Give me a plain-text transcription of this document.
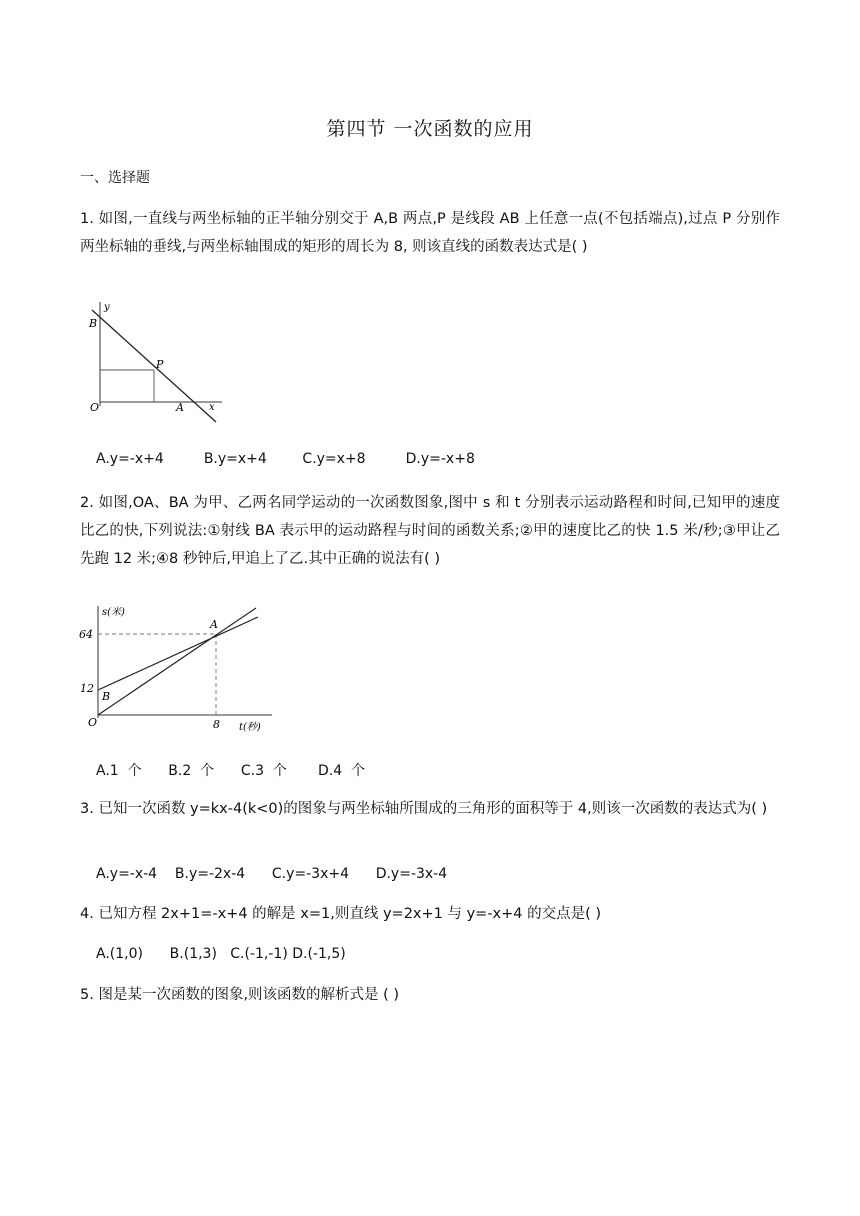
第四节 一次函数的应用
一、选择题
1. 如图,一直线与两坐标轴的正半轴分别交于 A,B 两点,P 是线段 AB 上任意一点(不包括端点),过点 P 分别作两坐标轴的垂线,与两坐标轴围成的矩形的周长为 8, 则该直线的函数表达式是( )
y
B
P
O	A	x
A.y=-x+4         B.y=x+4        C.y=x+8         D.y=-x+8
2. 如图,OA、BA 为甲、乙两名同学运动的一次函数图象,图中 s 和 t 分别表示运动路程和时间,已知甲的速度比乙的快,下列说法:①射线 BA 表示甲的运动路程与时间的函数关系;②甲的速度比乙的快 1.5 米/秒;③甲让乙先跑 12 米;④8 秒钟后,甲追上了乙.其中正确的说法有( )
s(米)
64
12
A
B
O	8 t(秒)
A.1  个      B.2  个      C.3  个       D.4  个
3. 已知一次函数 y=kx-4(k<0)的图象与两坐标轴所围成的三角形的面积等于 4,则该一次函数的表达式为( )
A.y=-x-4    B.y=-2x-4      C.y=-3x+4      D.y=-3x-4
4. 已知方程 2x+1=-x+4 的解是 x=1,则直线 y=2x+1 与 y=-x+4 的交点是( )
A.(1,0)      B.(1,3)   C.(-1,-1) D.(-1,5)
5. 图是某一次函数的图象,则该函数的解析式是 ( )
